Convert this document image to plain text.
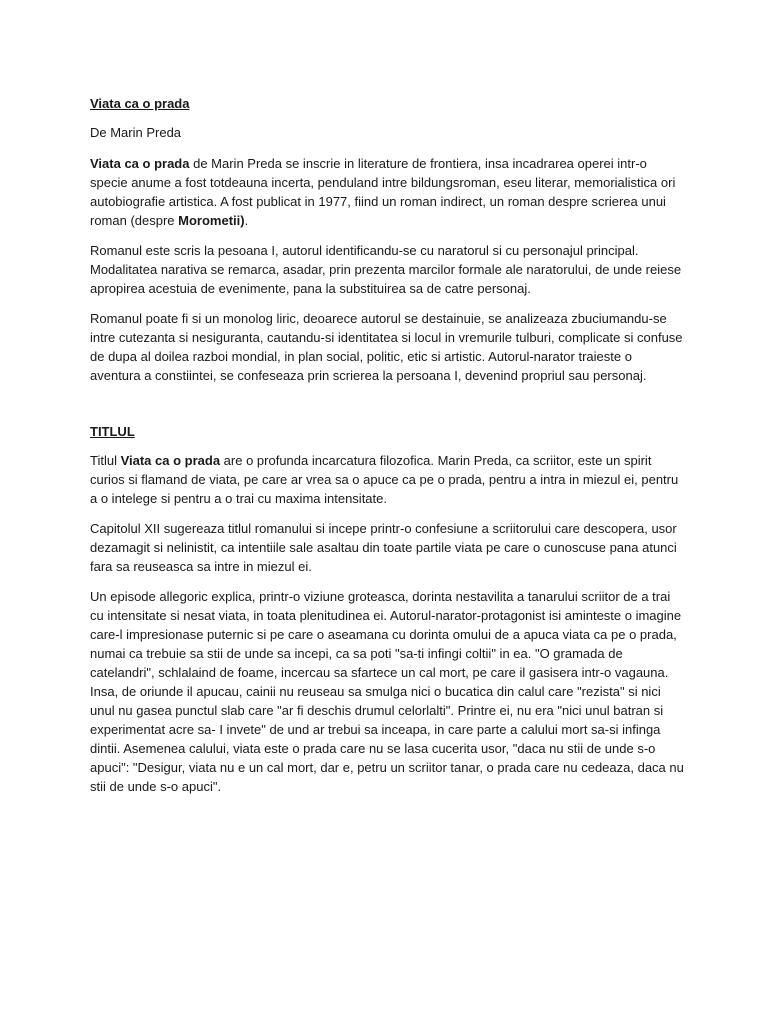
Viata ca o prada
De Marin Preda

Viata ca o prada de Marin Preda se inscrie in literature de frontiera, insa incadrarea operei intr-o specie anume a fost totdeauna incerta, penduland intre bildungsroman, eseu literar, memorialistica ori autobiografie artistica. A fost publicat in 1977, fiind un roman indirect, un roman despre scrierea unui roman (despre Morometii).

Romanul este scris la pesoana I, autorul identificandu-se cu naratorul si cu personajul principal. Modalitatea narativa se remarca, asadar, prin prezenta marcilor formale ale naratorului, de unde reiese apropirea acestuia de evenimente, pana la substituirea sa de catre personaj.

Romanul poate fi si un monolog liric, deoarece autorul se destainuie, se analizeaza zbuciumandu-se intre cutezanta si nesiguranta, cautandu-si identitatea si locul in vremurile tulburi, complicate si confuse de dupa al doilea razboi mondial, in plan social, politic, etic si artistic. Autorul-narator traieste o aventura a constiintei, se confeseaza prin scrierea la persoana I, devenind propriul sau personaj.

TITLUL

Titlul Viata ca o prada are o profunda incarcatura filozofica. Marin Preda, ca scriitor, este un spirit curios si flamand de viata, pe care ar vrea sa o apuce ca pe o prada, pentru a intra in miezul ei, pentru a o intelege si pentru a o trai cu maxima intensitate.

Capitolul XII sugereaza titlul romanului si incepe printr-o confesiune a scriitorului care descopera, usor dezamagit si nelinistit, ca intentiile sale asaltau din toate partile viata pe care o cunoscuse pana atunci fara sa reuseasca sa intre in miezul ei.

Un episode allegoric explica, printr-o viziune groteasca, dorinta nestavilita a tanarului scriitor de a trai cu intensitate si nesat viata, in toata plenitudinea ei. Autorul-narator-protagonist isi aminteste o imagine care-l impresionase puternic si pe care o aseamana cu dorinta omului de a apuca viata ca pe o prada, numai ca trebuie sa stii de unde sa incepi, ca sa poti "sa-ti infingi coltii" in ea. "O gramada de catelandri", schlalaind de foame, incercau sa sfartece un cal mort, pe care il gasisera intr-o vagauna. Insa, de oriunde il apucau, cainii nu reuseau sa smulga nici o bucatica din calul care "rezista" si nici unul nu gasea punctul slab care "ar fi deschis drumul celorlalti". Printre ei, nu era "nici unul batran si experimentat acre sa- I invete" de und ar trebui sa inceapa, in care parte a calului mort sa-si infinga dintii. Asemenea calului, viata este o prada care nu se lasa cucerita usor, "daca nu stii de unde s-o apuci": "Desigur, viata nu e un cal mort, dar e, petru un scriitor tanar, o prada care nu cedeaza, daca nu stii de unde s-o apuci".
